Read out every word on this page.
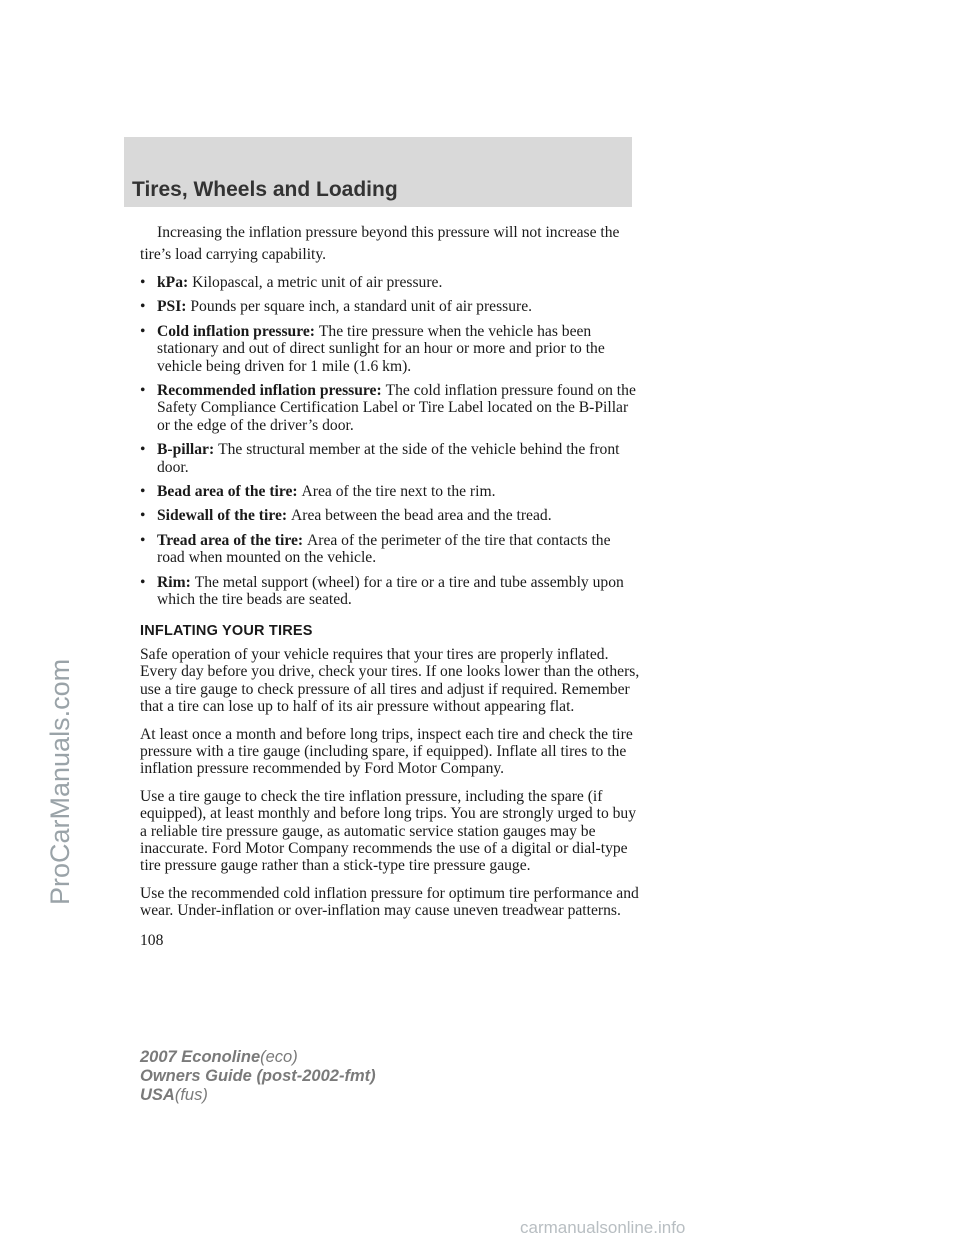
Tires, Wheels and Loading

Increasing the inflation pressure beyond this pressure will not increase the tire’s load carrying capability.

• kPa: Kilopascal, a metric unit of air pressure.
• PSI: Pounds per square inch, a standard unit of air pressure.
• Cold inflation pressure: The tire pressure when the vehicle has been stationary and out of direct sunlight for an hour or more and prior to the vehicle being driven for 1 mile (1.6 km).
• Recommended inflation pressure: The cold inflation pressure found on the Safety Compliance Certification Label or Tire Label located on the B-Pillar or the edge of the driver’s door.
• B-pillar: The structural member at the side of the vehicle behind the front door.
• Bead area of the tire: Area of the tire next to the rim.
• Sidewall of the tire: Area between the bead area and the tread.
• Tread area of the tire: Area of the perimeter of the tire that contacts the road when mounted on the vehicle.
• Rim: The metal support (wheel) for a tire or a tire and tube assembly upon which the tire beads are seated.
INFLATING YOUR TIRES

Safe operation of your vehicle requires that your tires are properly inflated. Every day before you drive, check your tires. If one looks lower than the others, use a tire gauge to check pressure of all tires and adjust if required. Remember that a tire can lose up to half of its air pressure without appearing flat.

At least once a month and before long trips, inspect each tire and check the tire pressure with a tire gauge (including spare, if equipped). Inflate all tires to the inflation pressure recommended by Ford Motor Company.

Use a tire gauge to check the tire inflation pressure, including the spare (if equipped), at least monthly and before long trips. You are strongly urged to buy a reliable tire pressure gauge, as automatic service station gauges may be inaccurate. Ford Motor Company recommends the use of a digital or dial-type tire pressure gauge rather than a stick-type tire pressure gauge.

Use the recommended cold inflation pressure for optimum tire performance and wear. Under-inflation or over-inflation may cause uneven treadwear patterns.

108

2007 Econoline(eco)
Owners Guide (post-2002-fmt)
USA(fus)
ProCarManuals.com
carmanualsonline.info
